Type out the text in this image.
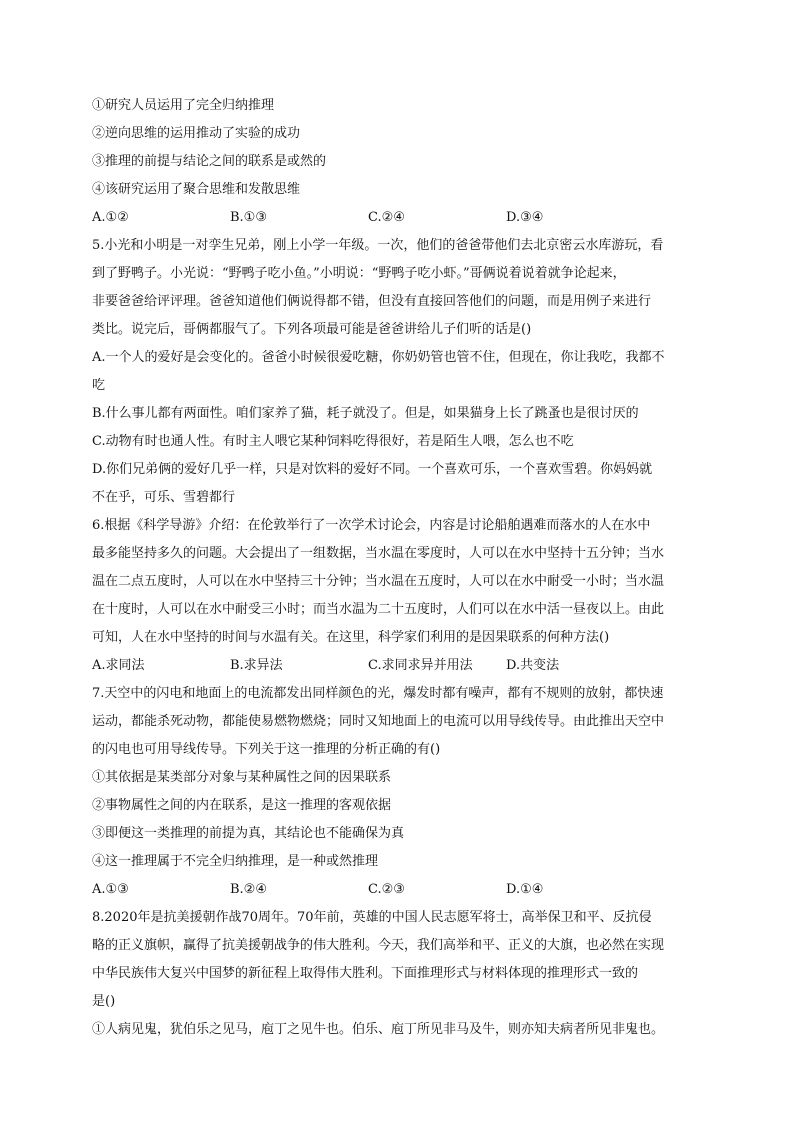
①研究人员运用了完全归纳推理
②逆向思维的运用推动了实验的成功
③推理的前提与结论之间的联系是或然的
④该研究运用了聚合思维和发散思维
A.①②	B.①③	C.②④	D.③④
5.小光和小明是一对孪生兄弟，刚上小学一年级。一次，他们的爸爸带他们去北京密云水库游玩，看
到了野鸭子。小光说：“野鸭子吃小鱼。”小明说：“野鸭子吃小虾。”哥俩说着说着就争论起来，
非要爸爸给评评理。爸爸知道他们俩说得都不错，但没有直接回答他们的问题，而是用例子来进行
类比。说完后，哥俩都服气了。下列各项最可能是爸爸讲给儿子们听的话是()
A.一个人的爱好是会变化的。爸爸小时候很爱吃糖，你奶奶管也管不住，但现在，你让我吃，我都不
吃
B.什么事儿都有两面性。咱们家养了猫，耗子就没了。但是，如果猫身上长了跳蚤也是很讨厌的
C.动物有时也通人性。有时主人喂它某种饲料吃得很好，若是陌生人喂，怎么也不吃
D.你们兄弟俩的爱好几乎一样，只是对饮料的爱好不同。一个喜欢可乐，一个喜欢雪碧。你妈妈就
不在乎，可乐、雪碧都行
6.根据《科学导游》介绍：在伦敦举行了一次学术讨论会，内容是讨论船舶遇难而落水的人在水中
最多能坚持多久的问题。大会提出了一组数据，当水温在零度时，人可以在水中坚持十五分钟；当水
温在二点五度时，人可以在水中坚持三十分钟；当水温在五度时，人可以在水中耐受一小时；当水温
在十度时，人可以在水中耐受三小时；而当水温为二十五度时，人们可以在水中活一昼夜以上。由此
可知，人在水中坚持的时间与水温有关。在这里，科学家们利用的是因果联系的何种方法()
A.求同法	B.求异法	C.求同求异并用法	D.共变法
7.天空中的闪电和地面上的电流都发出同样颜色的光，爆发时都有噪声，都有不规则的放射，都快速
运动，都能杀死动物，都能使易燃物燃烧；同时又知地面上的电流可以用导线传导。由此推出天空中
的闪电也可用导线传导。下列关于这一推理的分析正确的有()
①其依据是某类部分对象与某种属性之间的因果联系
②事物属性之间的内在联系，是这一推理的客观依据
③即便这一类推理的前提为真，其结论也不能确保为真
④这一推理属于不完全归纳推理，是一种或然推理
A.①③	B.②④	C.②③	D.①④
8.2020年是抗美援朝作战70周年。70年前，英雄的中国人民志愿军将士，高举保卫和平、反抗侵
略的正义旗帜，赢得了抗美援朝战争的伟大胜利。今天，我们高举和平、正义的大旗，也必然在实现
中华民族伟大复兴中国梦的新征程上取得伟大胜利。下面推理形式与材料体现的推理形式一致的
是()
①人病见鬼，犹伯乐之见马，庖丁之见牛也。伯乐、庖丁所见非马及牛，则亦知夫病者所见非鬼也。
